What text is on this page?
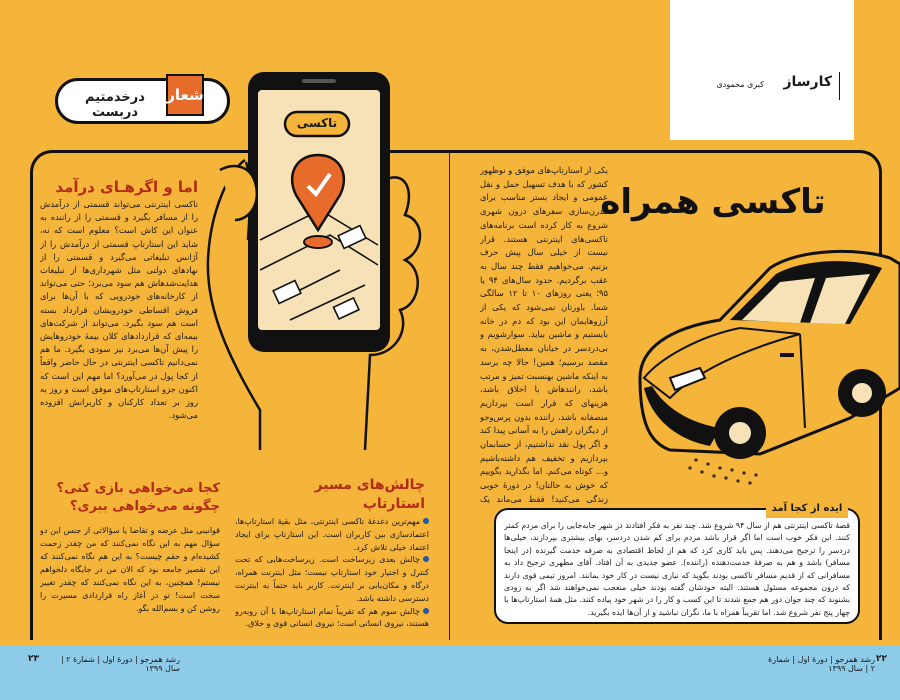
درخدمتیم دربست
شعار
کارساز
کبری محمودی
تاکسی
تاکسی همراه
یکی از استارتاپ‌های موفق و نوظهور کشور که با هدف تسهیل حمل و نقل عمومی و ایجاد بستر مناسب برای مدرن‌سازی سفرهای درون شهری شروع به کار کرده است برنامه‌های تاکسی‌های اینترنتی هستند. قرار نیست از خیلی سال پیش حرف بزنیم. می‌خواهیم فقط چند سال به عقب برگردیم. حدود سال‌های ۹۴ یا ۹۵؛ یعنی روزهای ۱۰ تا ۱۲ سالگی شما. باورتان نمی‌شود که یکی از آرزوهایمان این بود که دم در خانه بایستیم و ماشین بیاید. سوارشویم و بی‌دردسر در خیابان معطل‌شدن، به مقصد برسیم؛ همین! حالا چه برسد به اینکه ماشین بهنسبت تمیز و مرتب باشد، رانندهاش با اخلاق باشد، هزینهای که قرار است بپردازیم منصفانه باشد، راننده بدون پرس‌وجو از دیگران راهش را به آسانی پیدا کند و اگر پول نقد نداشتیم، از حسابمان بپردازیم و تخفیف هم داشته‌باشیم و... کوتاه می‌کنم. اما بگذارید بگوییم که خوش به حالتان! در دورهٔ خوبی زندگی می‌کنید! فقط می‌ماند یک
اما و اگرهـای درآمد
تاکسی اینترنتی می‌تواند قسمتی از درآمدش را از مسافر بگیرد و قسمتی را از راننده به عنوان این کاش است؟ معلوم است که نه، شاید این استارتاپ قسمتی از درآمدش را از آژانس تبلیغاتی می‌گیرد و قسمتی را از نهادهای دولتی مثل شهرداری‌ها از تبلیغات هدایت‌شدهاش هم سود می‌برد؛ حتی می‌تواند از کارخانه‌های خودرویی که با آن‌ها برای فروش اقساطی خودرویشان قرارداد بسته است هم سود بگیرد. می‌تواند از شرکت‌های بیمه‌ای که قراردادهای کلان بیمهٔ خودروهایش را پیش آن‌ها می‌برد نیز سودی بگیرد. ما هم نمی‌دانیم تاکسی اینترنتی در حال حاضر واقعاً از کجا پول در می‌آورد؟ اما مهم این است که اکنون جزو استارتاپ‌های موفق است و روز به روز بر تعداد کارکنان و کاربرانش افزوده می‌شود.
چالش‌های مسیر استارتاپ
مهم‌ترین دغدغهٔ تاکسی اینترنتی، مثل بقیهٔ استارتاپ‌ها، اعتمادسازی بین کاربران است. این استارتاپ برای ایجاد اعتماد خیلی تلاش کرد.
چالش بعدی زیرساخت است. زیرساخت‌هایی که تحت کنترل و اختیار خود استارتاپ نیست؛ مثل اینترنت همراه، درگاه و مکان‌یابی بر اینترنت. کاربر باید حتماً به اینترنت دسترسی داشته باشد.
چالش سوم هم که تقریباً تمام استارتاپ‌ها با آن روبه‌رو هستند، نیروی انسانی است؛ نیروی انسانی قوی و خلاق.
کجا می‌خواهی بازی کنی؟
چگونه می‌خواهی ببری؟
قوانینی مثل عرضه و تقاضا یا سؤالاتی از جنس این دو سؤال مهم به این نگاه نمی‌کنند که من چقدر زحمت کشیده‌ام و حقم چیست؟ به این هم نگاه نمی‌کنند که این تقصیر جامعه بود که الان من در جایگاه دلخواهم نیستم! همچنین، به این نگاه نمی‌کنند که چقدر تغییر سخت است! تو در آغاز راه قراردادی مسیرت را روشن کن و بسم‌الله بگو.
ایده از کجا آمد
قصهٔ تاکسی اینترنتی هم از سال ۹۴ شروع شد. چند نفر به فکر افتادند در شهر جابه‌جایی را برای مردم کمتر کنند. این فکر خوب است اما اگر قرار باشد مردم برای کم شدن دردسر، بهای بیشتری بپردازند، خیلی‌ها دردسر را ترجیح می‌دهند. پس باید کاری کرد که هم از لحاظ اقتصادی به صرفه خدمت گیرنده (در اینجا مسافر) باشد و هم به صرفهٔ خدمت‌دهنده (راننده). عضو جدیدی به آن افتاد. آقای مطهری ترجیح داد به مسافرانی که از قدیم مسافر تاکسی بودند بگوید که نیازی نیست در کار خود بمانند. امروز تیمی قوی دارند که درون مجموعه مسئول هستند. البته خودشان گفته بودند خیلی منعجب نمی‌خواهند شد اگر به زودی بشنوند که چند جوان دور هم جمع شدند تا این کسب و کار را در شهر خود پیاده کنند. مثل همهٔ استارتاپ‌ها با چهار پنج نفر شروع شد. اما تقریباً همراه با ما، نگران نباشید و از آن‌ها ایده بگیرید.
رشد همرجو | دورهٔ اول | شمارهٔ ۲ | سال ۱۳۹۹
۲۲
رشد همرجو | دورهٔ اول | شمارهٔ ۲ | سال ۱۳۹۹
۲۳
